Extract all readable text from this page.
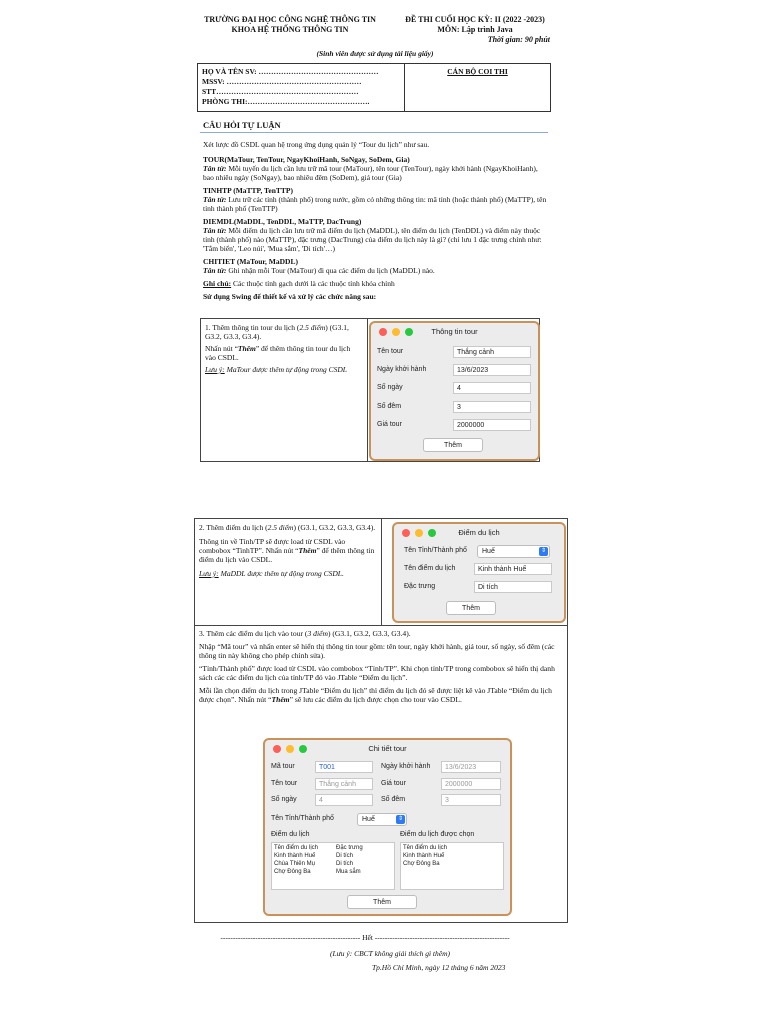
TRƯỜNG ĐẠI HỌC CÔNG NGHỆ THÔNG TIN
KHOA HỆ THỐNG THÔNG TIN
ĐỀ THI CUỐI HỌC KỲ: II (2022 -2023)
MÔN: Lập trình Java
Thời gian: 90 phút
(Sinh viên được sử dụng tài liệu giấy)
HỌ VÀ TÊN SV: …………………………………………
MSSV: ………………………………………………
STT…………………………………………………
PHÒNG THI:………………………………………….
CÁN BỘ COI THI
CÂU HỎI TỰ LUẬN
Xét lược đồ CSDL quan hệ trong ứng dụng quản lý “Tour du lịch” như sau.
TOUR(MaTour, TenTour, NgayKhoiHanh, SoNgay, SoDem, Gia)
Tân từ: Mỗi tuyến du lịch cần lưu trữ mã tour (MaTour), tên tour (TenTour), ngày khởi hành (NgayKhoiHanh), bao nhiêu ngày (SoNgay), bao nhiêu đêm (SoDem), giá tour (Gia)
TINHTP (MaTTP, TenTTP)
Tân từ: Lưu trữ các tỉnh (thành phố) trong nước, gồm có những thông tin: mã tỉnh (hoặc thành phố) (MaTTP), tên tỉnh thành phố (TenTTP)
DIEMDL(MaDDL, TenDDL, MaTTP, DacTrung)
Tân từ: Mỗi điểm du lịch cần lưu trữ mã điểm du lịch (MaDDL), tên điểm du lịch (TenDDL) và điểm này thuộc tỉnh (thành phố) nào (MaTTP), đặc trưng (DacTrung) của điểm du lịch này là gì? (chỉ lưu 1 đặc trưng chính như: 'Tắm biển', 'Leo núi', 'Mua sắm', 'Di tích'…)
CHITIET (MaTour, MaDDL)
Tân từ: Ghi nhận mỗi Tour (MaTour) đi qua các điểm du lịch (MaDDL) nào.
Ghi chú: Các thuộc tính gạch dưới là các thuộc tính khóa chính
Sử dụng Swing để thiết kế và xử lý các chức năng sau:
1. Thêm thông tin tour du lịch (2.5 điểm) (G3.1, G3.2, G3.3, G3.4).
Nhấn nút “Thêm” để thêm thông tin tour du lịch vào CSDL.
Lưu ý: MaTour được thêm tự động trong CSDL
Thông tin tour
Tên tour	Thắng cảnh
Ngày khởi hành	13/6/2023
Số ngày	4
Số đêm	3
Giá tour	2000000
Thêm
2. Thêm điểm du lịch (2.5 điểm) (G3.1, G3.2, G3.3, G3.4).
Thông tin về Tỉnh/TP sẽ được load từ CSDL vào combobox “TinhTP”. Nhấn nút “Thêm” để thêm thông tin điểm du lịch vào CSDL.
Lưu ý: MaDDL được thêm tự động trong CSDL.
Điểm du lịch
Tên Tỉnh/Thành phố	Huế	⇕
Tên điểm du lịch	Kinh thành Huế
Đặc trưng	Di tích
Thêm
3. Thêm các điểm du lịch vào tour (3 điểm) (G3.1, G3.2, G3.3, G3.4).
Nhập “Mã tour” và nhấn enter sẽ hiển thị thông tin tour gồm: tên tour, ngày khởi hành, giá tour, số ngày, số đêm (các thông tin này không cho phép chỉnh sửa).
“Tỉnh/Thành phố” được load từ CSDL vào combobox “Tỉnh/TP”. Khi chọn tỉnh/TP trong combobox sẽ hiển thị danh sách các các điểm du lịch của tỉnh/TP đó vào JTable “Điểm du lịch”.
Mỗi lần chọn điểm du lịch trong JTable “Điểm du lịch” thì điểm du lịch đó sẽ được liệt kê vào JTable “Điểm du lịch được chọn”. Nhấn nút “Thêm” sẽ lưu các điểm du lịch được chọn cho tour vào CSDL.
Chi tiết tour
Mã tour	T001	Ngày khởi hành	13/6/2023
Tên tour	Thắng cảnh	Giá tour	2000000
Số ngày	4	Số đêm	3
Tên Tỉnh/Thành phố	Huế	⇕
Điểm du lịch	Điểm du lịch được chọn
Tên điểm du lịch	Đặc trưng
Kinh thành Huế	Di tích
Chùa Thiên Mụ	Di tích
Chợ Đông Ba	Mua sắm
Tên điểm du lịch
Kinh thành Huế
Chợ Đông Ba
Thêm
-------------------------------------------------------- Hết ------------------------------------------------------
(Lưu ý: CBCT không giải thích gì thêm)
Tp.Hồ Chí Minh, ngày 12 tháng 6 năm 2023
